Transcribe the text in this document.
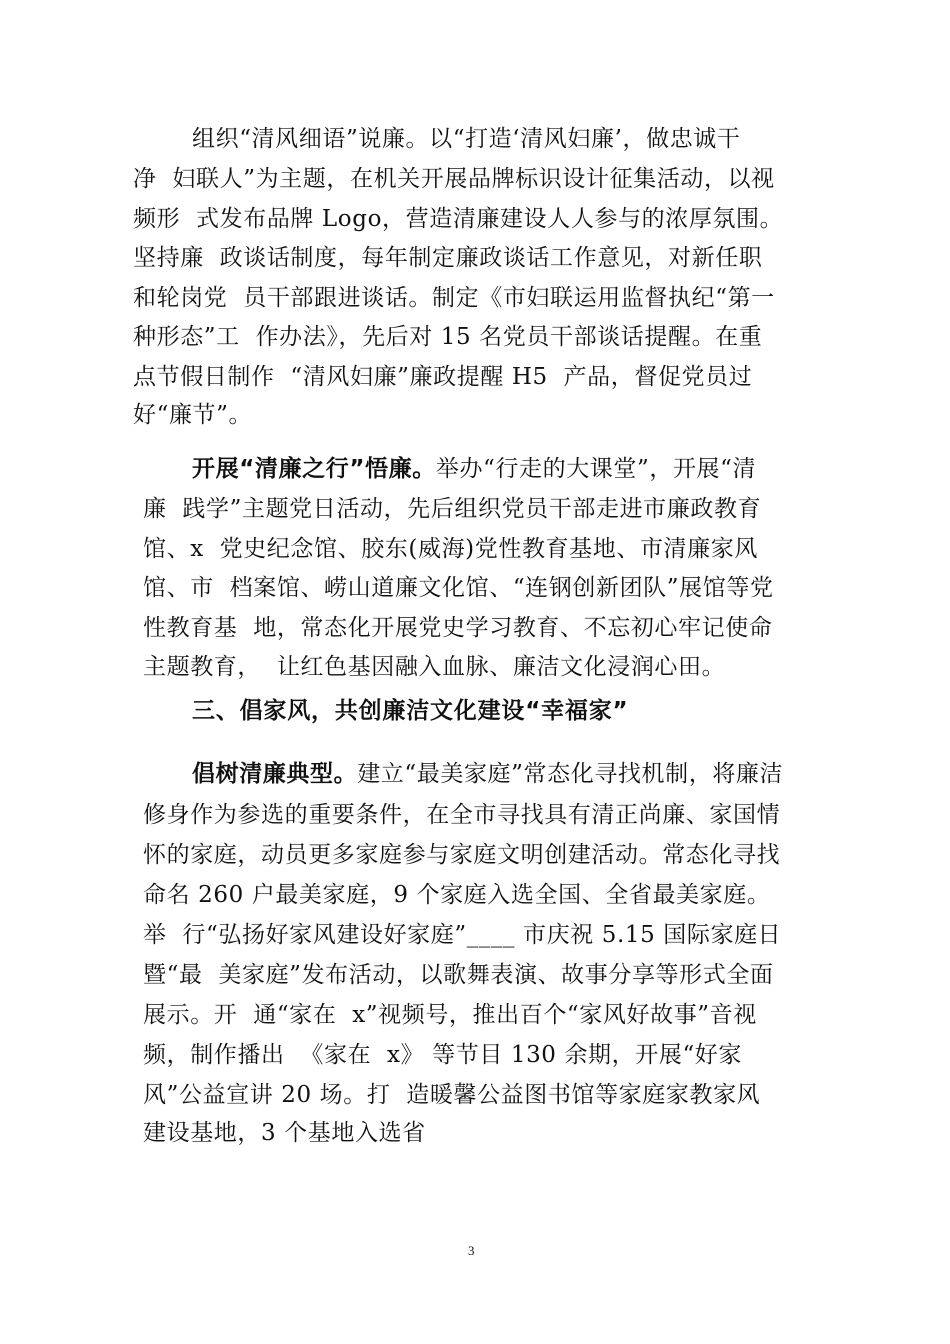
组织“清风细语”说廉。以“打造‘清风妇廉’，做忠诚干
净  妇联人”为主题，在机关开展品牌标识设计征集活动，以视
频形  式发布品牌 Logo，营造清廉建设人人参与的浓厚氛围。
坚持廉  政谈话制度，每年制定廉政谈话工作意见，对新任职
和轮岗党  员干部跟进谈话。制定《市妇联运用监督执纪“第一
种形态”工  作办法》，先后对 15 名党员干部谈话提醒。在重
点节假日制作  “清风妇廉”廉政提醒 H5  产品，督促党员过
好“廉节”。
开展“清廉之行”悟廉。举办“行走的大课堂”，开展“清
廉  践学”主题党日活动，先后组织党员干部走进市廉政教育
馆、x  党史纪念馆、胶东(威海)党性教育基地、市清廉家风
馆、市  档案馆、崂山道廉文化馆、“连钢创新团队”展馆等党
性教育基  地，常态化开展党史学习教育、不忘初心牢记使命
主题教育，  让红色基因融入血脉、廉洁文化浸润心田。
三、倡家风，共创廉洁文化建设“幸福家”
倡树清廉典型。建立“最美家庭”常态化寻找机制，将廉洁
修身作为参选的重要条件，在全市寻找具有清正尚廉、家国情
怀的家庭，动员更多家庭参与家庭文明创建活动。常态化寻找
命名 260 户最美家庭，9 个家庭入选全国、全省最美家庭。
举  行“弘扬好家风建设好家庭”____ 市庆祝 5.15 国际家庭日
暨“最  美家庭”发布活动，以歌舞表演、故事分享等形式全面
展示。开  通“家在  x”视频号，推出百个“家风好故事”音视
频，制作播出  《家在  x》 等节目 130 余期，开展“好家
风”公益宣讲 20 场。打  造暖馨公益图书馆等家庭家教家风
建设基地，3 个基地入选省
3
